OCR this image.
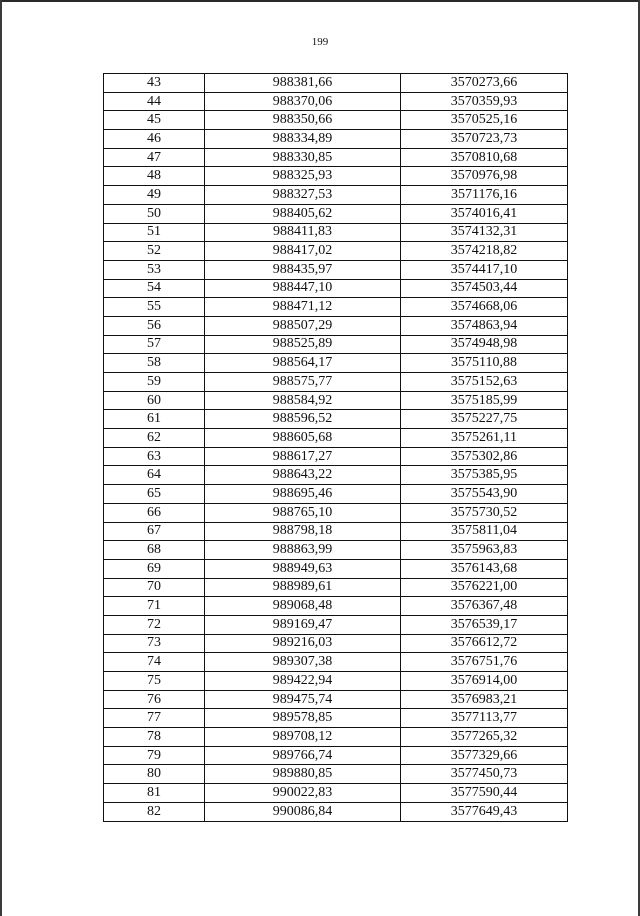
199
43	988381,66	3570273,66
44	988370,06	3570359,93
45	988350,66	3570525,16
46	988334,89	3570723,73
47	988330,85	3570810,68
48	988325,93	3570976,98
49	988327,53	3571176,16
50	988405,62	3574016,41
51	988411,83	3574132,31
52	988417,02	3574218,82
53	988435,97	3574417,10
54	988447,10	3574503,44
55	988471,12	3574668,06
56	988507,29	3574863,94
57	988525,89	3574948,98
58	988564,17	3575110,88
59	988575,77	3575152,63
60	988584,92	3575185,99
61	988596,52	3575227,75
62	988605,68	3575261,11
63	988617,27	3575302,86
64	988643,22	3575385,95
65	988695,46	3575543,90
66	988765,10	3575730,52
67	988798,18	3575811,04
68	988863,99	3575963,83
69	988949,63	3576143,68
70	988989,61	3576221,00
71	989068,48	3576367,48
72	989169,47	3576539,17
73	989216,03	3576612,72
74	989307,38	3576751,76
75	989422,94	3576914,00
76	989475,74	3576983,21
77	989578,85	3577113,77
78	989708,12	3577265,32
79	989766,74	3577329,66
80	989880,85	3577450,73
81	990022,83	3577590,44
82	990086,84	3577649,43
